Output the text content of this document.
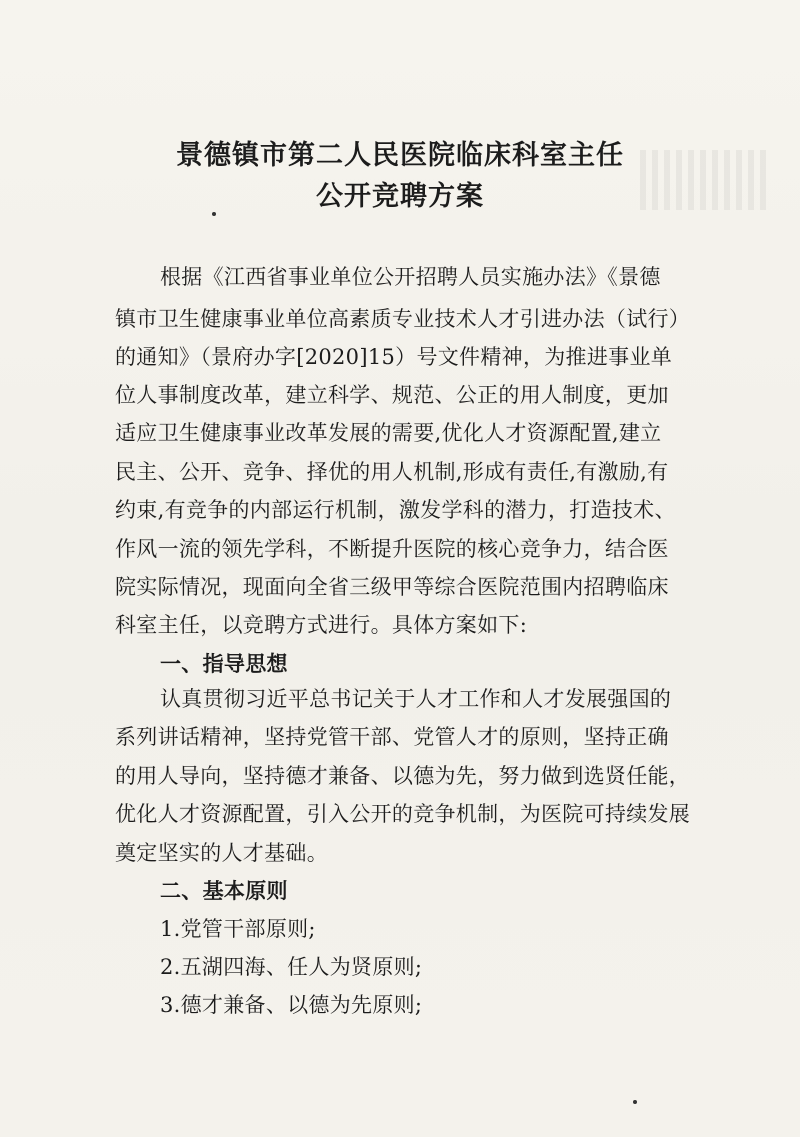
景德镇市第二人民医院临床科室主任
公开竞聘方案
根据《江西省事业单位公开招聘人员实施办法》《景德
镇市卫生健康事业单位高素质专业技术人才引进办法（试行）
的通知》（景府办字[2020]15）号文件精神，为推进事业单
位人事制度改革，建立科学、规范、公正的用人制度，更加
适应卫生健康事业改革发展的需要,优化人才资源配置,建立
民主、公开、竞争、择优的用人机制,形成有责任,有激励,有
约束,有竞争的内部运行机制，激发学科的潜力，打造技术、
作风一流的领先学科，不断提升医院的核心竞争力，结合医
院实际情况，现面向全省三级甲等综合医院范围内招聘临床
科室主任，以竞聘方式进行。具体方案如下:
一、指导思想
认真贯彻习近平总书记关于人才工作和人才发展强国的
系列讲话精神，坚持党管干部、党管人才的原则，坚持正确
的用人导向，坚持德才兼备、以德为先，努力做到选贤任能，
优化人才资源配置，引入公开的竞争机制，为医院可持续发展
奠定坚实的人才基础。
二、基本原则
1.党管干部原则;
2.五湖四海、任人为贤原则;
3.德才兼备、以德为先原则;
